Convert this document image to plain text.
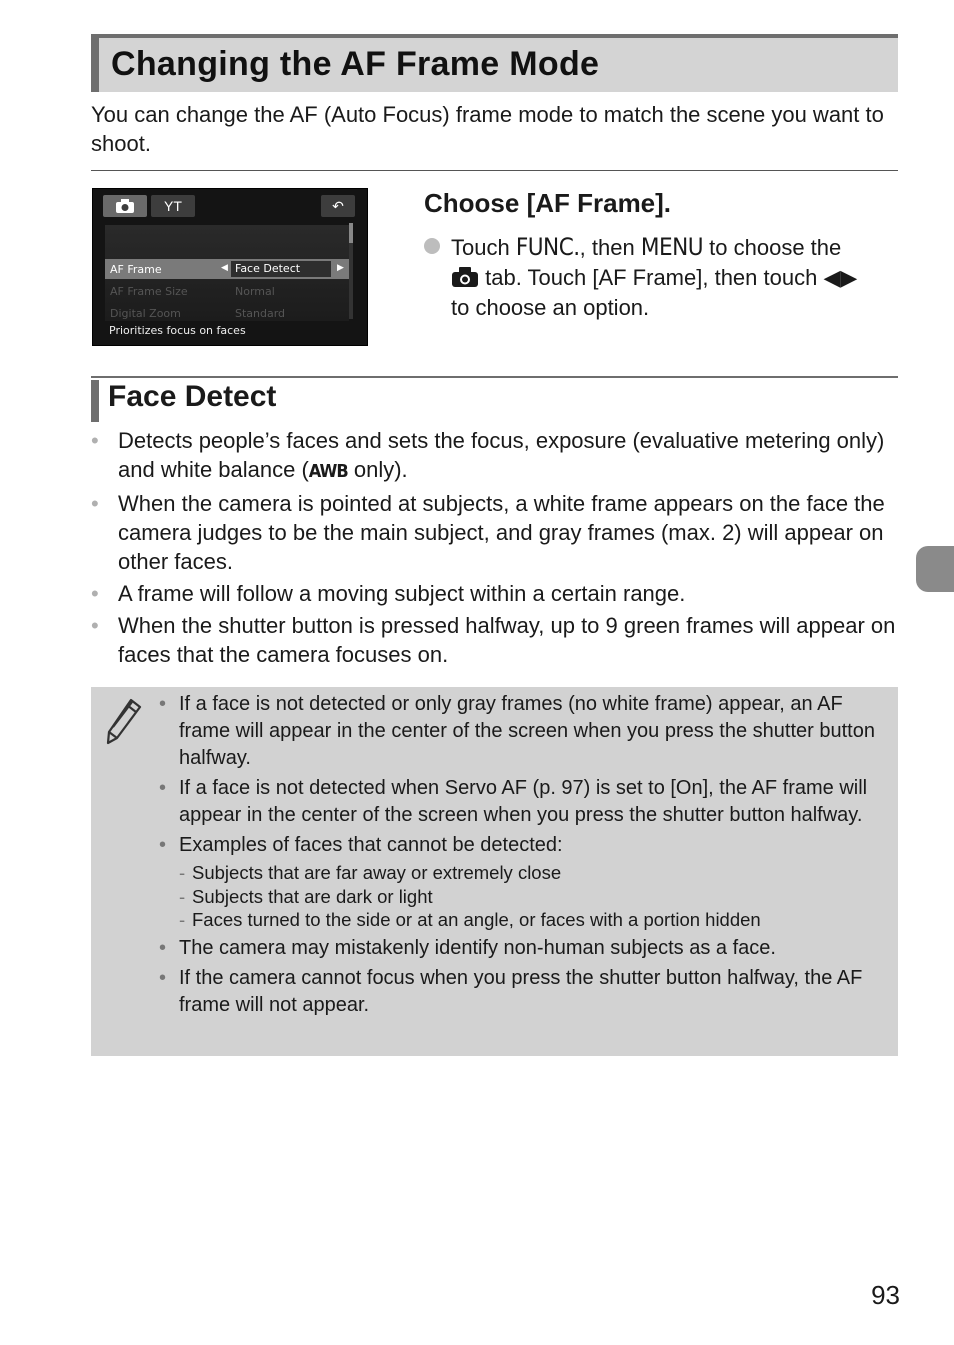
Changing the AF Frame Mode
You can change the AF (Auto Focus) frame mode to match the scene you want to shoot.
YT	↶
AF Frame	◀ Face Detect	▶
AF Frame Size	Normal
Digital Zoom	Standard
Prioritizes focus on faces
Choose [AF Frame].
Touch FUNC., then MENU to choose the

tab. Touch [AF Frame], then touch ◀▶
to choose an option.
Face Detect
• Detects people’s faces and sets the focus, exposure (evaluative metering only) and white balance (AWB only).
• When the camera is pointed at subjects, a white frame appears on the face the camera judges to be the main subject, and gray frames (max. 2) will appear on other faces.
• A frame will follow a moving subject within a certain range.
• When the shutter button is pressed halfway, up to 9 green frames will appear on faces that the camera focuses on.
• If a face is not detected or only gray frames (no white frame) appear, an AF frame will appear in the center of the screen when you press the shutter button halfway.
• If a face is not detected when Servo AF (p. 97) is set to [On], the AF frame will appear in the center of the screen when you press the shutter button halfway.
• Examples of faces that cannot be detected:
- Subjects that are far away or extremely close
- Subjects that are dark or light
- Faces turned to the side or at an angle, or faces with a portion hidden
• The camera may mistakenly identify non-human subjects as a face.
• If the camera cannot focus when you press the shutter button halfway, the AF frame will not appear.
93
